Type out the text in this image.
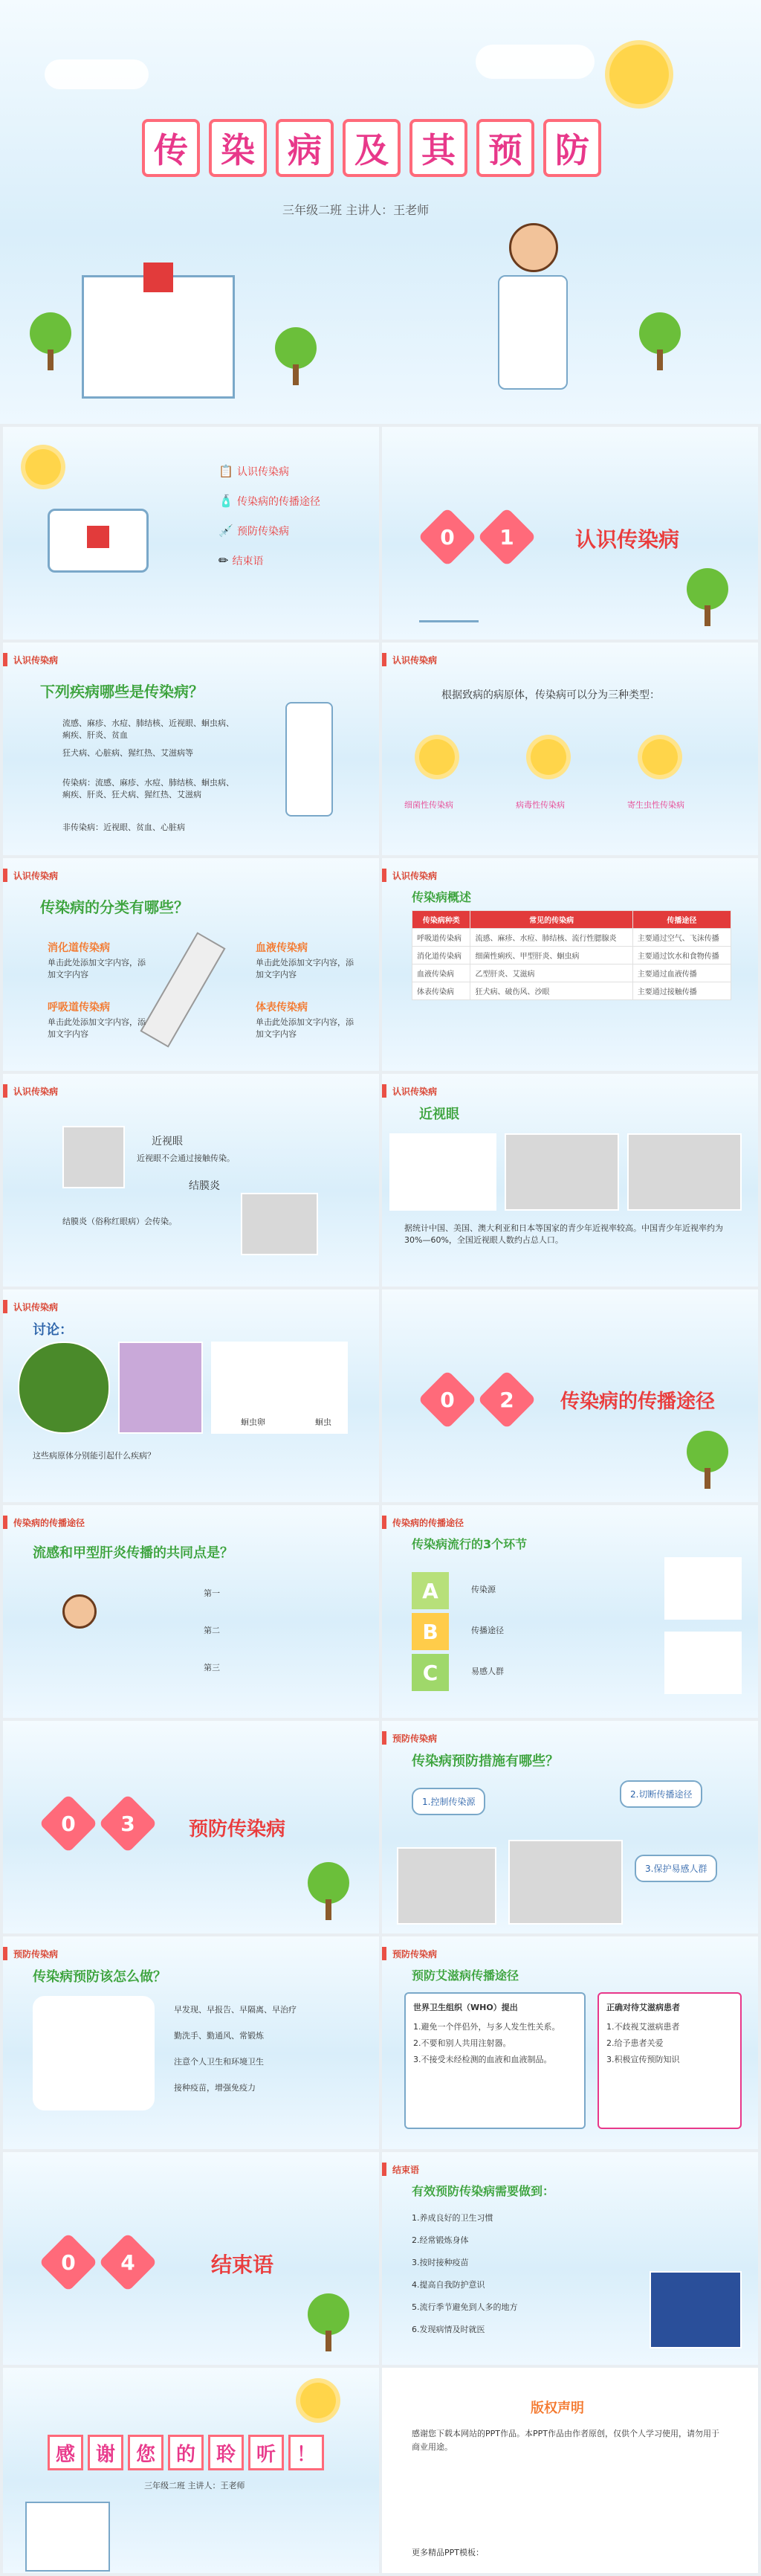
传 染 病 及 其 预 防
三年级二班 主讲人：王老师
📋 认识传染病
🧴 传染病的传播途径
💉 预防传染病
✏ 结束语
0	1	认识传染病
认识传染病
下列疾病哪些是传染病？
流感、麻疹、水痘、肺结核、近视眼、蛔虫病、痢疾、肝炎、贫血
狂犬病、心脏病、猩红热、艾滋病等
传染病：流感、麻疹、水痘、肺结核、蛔虫病、痢疾、肝炎、狂犬病、猩红热、艾滋病
非传染病：近视眼、贫血、心脏病
认识传染病
根据致病的病原体，传染病可以分为三种类型：
细菌性传染病	病毒性传染病	寄生虫性传染病
认识传染病
传染病的分类有哪些？
消化道传染病
单击此处添加文字内容，添加文字内容
呼吸道传染病
单击此处添加文字内容，添加文字内容
血液传染病
单击此处添加文字内容，添加文字内容
体表传染病
单击此处添加文字内容，添加文字内容
认识传染病
传染病概述
传染病种类	常见的传染病	传播途径
呼吸道传染病	流感、麻疹、水痘、肺结核、流行性腮腺炎	主要通过空气、飞沫传播
消化道传染病	细菌性痢疾、甲型肝炎、蛔虫病	主要通过饮水和食物传播
血液传染病	乙型肝炎、艾滋病	主要通过血液传播
体表传染病	狂犬病、破伤风、沙眼	主要通过接触传播
认识传染病
近视眼
近视眼不会通过接触传染。
结膜炎
结膜炎（俗称红眼病）会传染。
认识传染病
近视眼
据统计中国、美国、澳大利亚和日本等国家的青少年近视率较高。中国青少年近视率约为30%—60%，全国近视眼人数约占总人口。
认识传染病
讨论：
蛔虫卵	蛔虫
这些病原体分别能引起什么疾病？
0	2	传染病的传播途径
传染病的传播途径
流感和甲型肝炎传播的共同点是？
第一
第二
第三
传染病的传播途径
传染病流行的3个环节
A
B
C
传染源
传播途径
易感人群
0	3	预防传染病
预防传染病
传染病预防措施有哪些？
1.控制传染源
2.切断传播途径
3.保护易感人群
预防传染病
传染病预防该怎么做？
早发现、早报告、早隔离、早治疗
勤洗手、勤通风、常锻炼
注意个人卫生和环境卫生
接种疫苗，增强免疫力
预防传染病
预防艾滋病传播途径
世界卫生组织（WHO）提出
1.避免一个伴侣外，与多人发生性关系。
2.不要和别人共用注射器。
3.不接受未经检测的血液和血液制品。
正确对待艾滋病患者
1.不歧视艾滋病患者
2.给予患者关爱
3.积极宣传预防知识
0	4	结束语
结束语
有效预防传染病需要做到：
1.养成良好的卫生习惯
2.经常锻炼身体
3.按时接种疫苗
4.提高自我防护意识
5.流行季节避免到人多的地方
6.发现病情及时就医
感	谢	您	的	聆	听	！
三年级二班 主讲人：王老师
版权声明
感谢您下载本网站的PPT作品。本PPT作品由作者原创，仅供个人学习使用，请勿用于商业用途。
更多精品PPT模板：
